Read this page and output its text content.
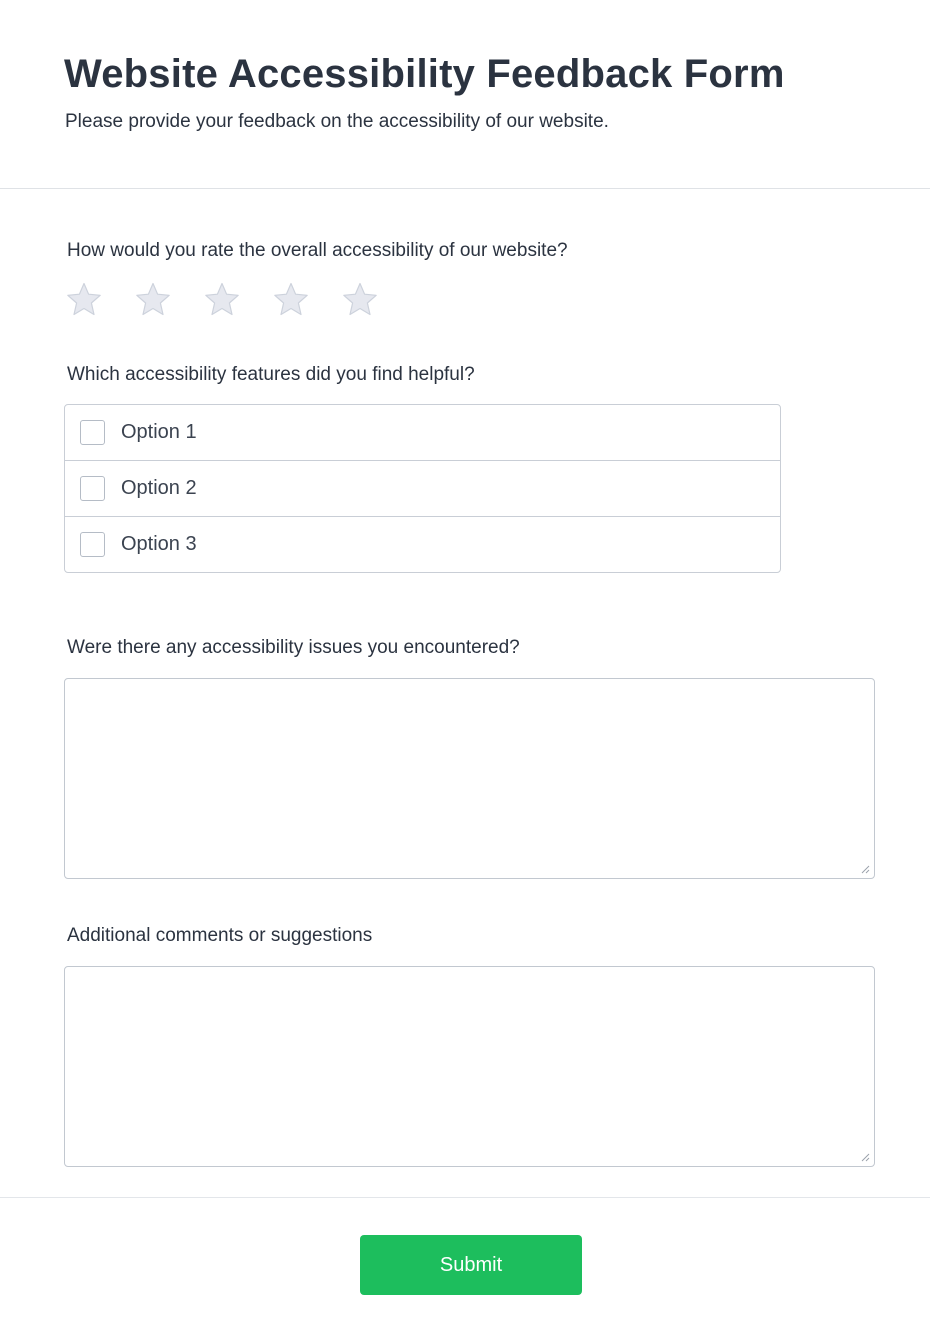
Website Accessibility Feedback Form

Please provide your feedback on the accessibility of our website.

How would you rate the overall accessibility of our website?
Which accessibility features did you find helpful?
Option 1
Option 2
Option 3
Were there any accessibility issues you encountered?
Additional comments or suggestions
Submit
